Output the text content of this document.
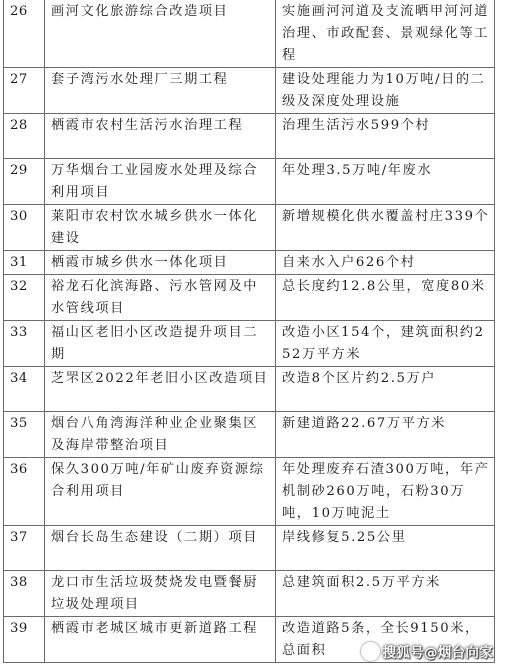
26	画河文化旅游综合改造项目	实施画河河道及支流晒甲河河道治理、市政配套、景观绿化等工程
27	套子湾污水处理厂三期工程	建设处理能力为10万吨/日的二级及深度处理设施
28	栖霞市农村生活污水治理工程	治理生活污水599个村
29	万华烟台工业园废水处理及综合利用项目	年处理3.5万吨/年废水
30	莱阳市农村饮水城乡供水一体化建设	新增规模化供水覆盖村庄339个
31	栖霞市城乡供水一体化项目	自来水入户626个村
32	裕龙石化滨海路、污水管网及中水管线项目	总长度约12.8公里，宽度80米
33	福山区老旧小区改造提升项目二期	改造小区154个，建筑面积约252万平方米
34	芝罘区2022年老旧小区改造项目	改造8个区片约2.5万户
35	烟台八角湾海洋种业企业聚集区及海岸带整治项目	新建道路22.67万平方米
36	保久300万吨/年矿山废弃资源综合利用项目	年处理废弃石渣300万吨，年产机制砂260万吨，石粉30万吨，10万吨泥土
37	烟台长岛生态建设（二期）项目	岸线修复5.25公里
38	龙口市生活垃圾焚烧发电暨餐厨垃圾处理项目	总建筑面积2.5万平方米
39	栖霞市老城区城市更新道路工程	改造道路5条，全长9150米，总面积	搜狐号@烟台向家
